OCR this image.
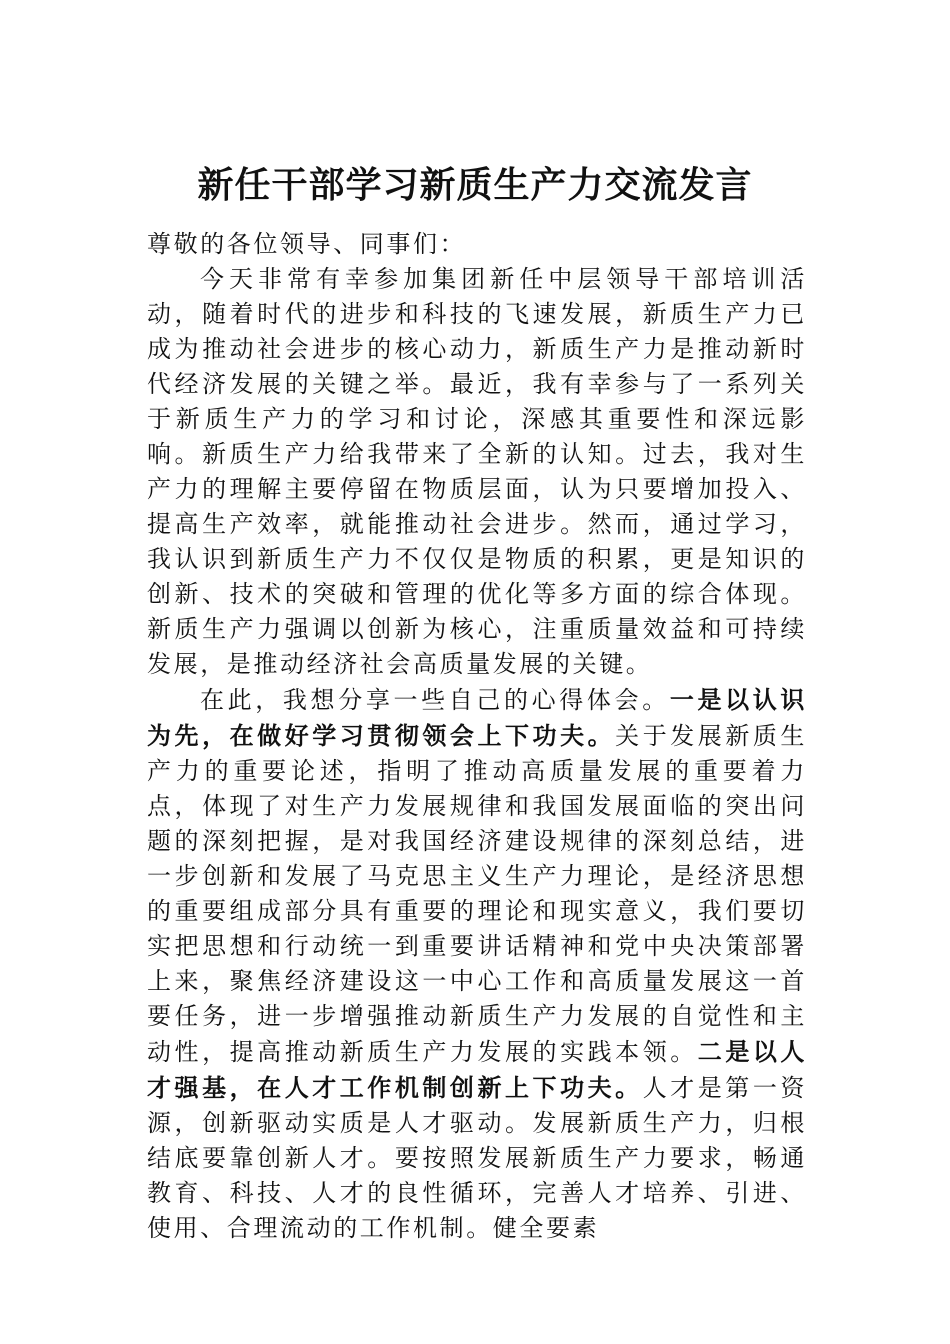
新任干部学习新质生产力交流发言

尊敬的各位领导、同事们：

今天非常有幸参加集团新任中层领导干部培训活动，随着时代的进步和科技的飞速发展，新质生产力已成为推动社会进步的核心动力，新质生产力是推动新时代经济发展的关键之举。最近，我有幸参与了一系列关于新质生产力的学习和讨论，深感其重要性和深远影响。新质生产力给我带来了全新的认知。过去，我对生产力的理解主要停留在物质层面，认为只要增加投入、提高生产效率，就能推动社会进步。然而，通过学习，我认识到新质生产力不仅仅是物质的积累，更是知识的创新、技术的突破和管理的优化等多方面的综合体现。新质生产力强调以创新为核心，注重质量效益和可持续发展，是推动经济社会高质量发展的关键。

在此，我想分享一些自己的心得体会。一是以认识为先，在做好学习贯彻领会上下功夫。关于发展新质生产力的重要论述，指明了推动高质量发展的重要着力点，体现了对生产力发展规律和我国发展面临的突出问题的深刻把握，是对我国经济建设规律的深刻总结，进一步创新和发展了马克思主义生产力理论，是经济思想的重要组成部分具有重要的理论和现实意义，我们要切实把思想和行动统一到重要讲话精神和党中央决策部署上来，聚焦经济建设这一中心工作和高质量发展这一首要任务，进一步增强推动新质生产力发展的自觉性和主动性，提高推动新质生产力发展的实践本领。二是以人才强基，在人才工作机制创新上下功夫。人才是第一资源，创新驱动实质是人才驱动。发展新质生产力，归根结底要靠创新人才。要按照发展新质生产力要求，畅通教育、科技、人才的良性循环，完善人才培养、引进、使用、合理流动的工作机制。健全要素
